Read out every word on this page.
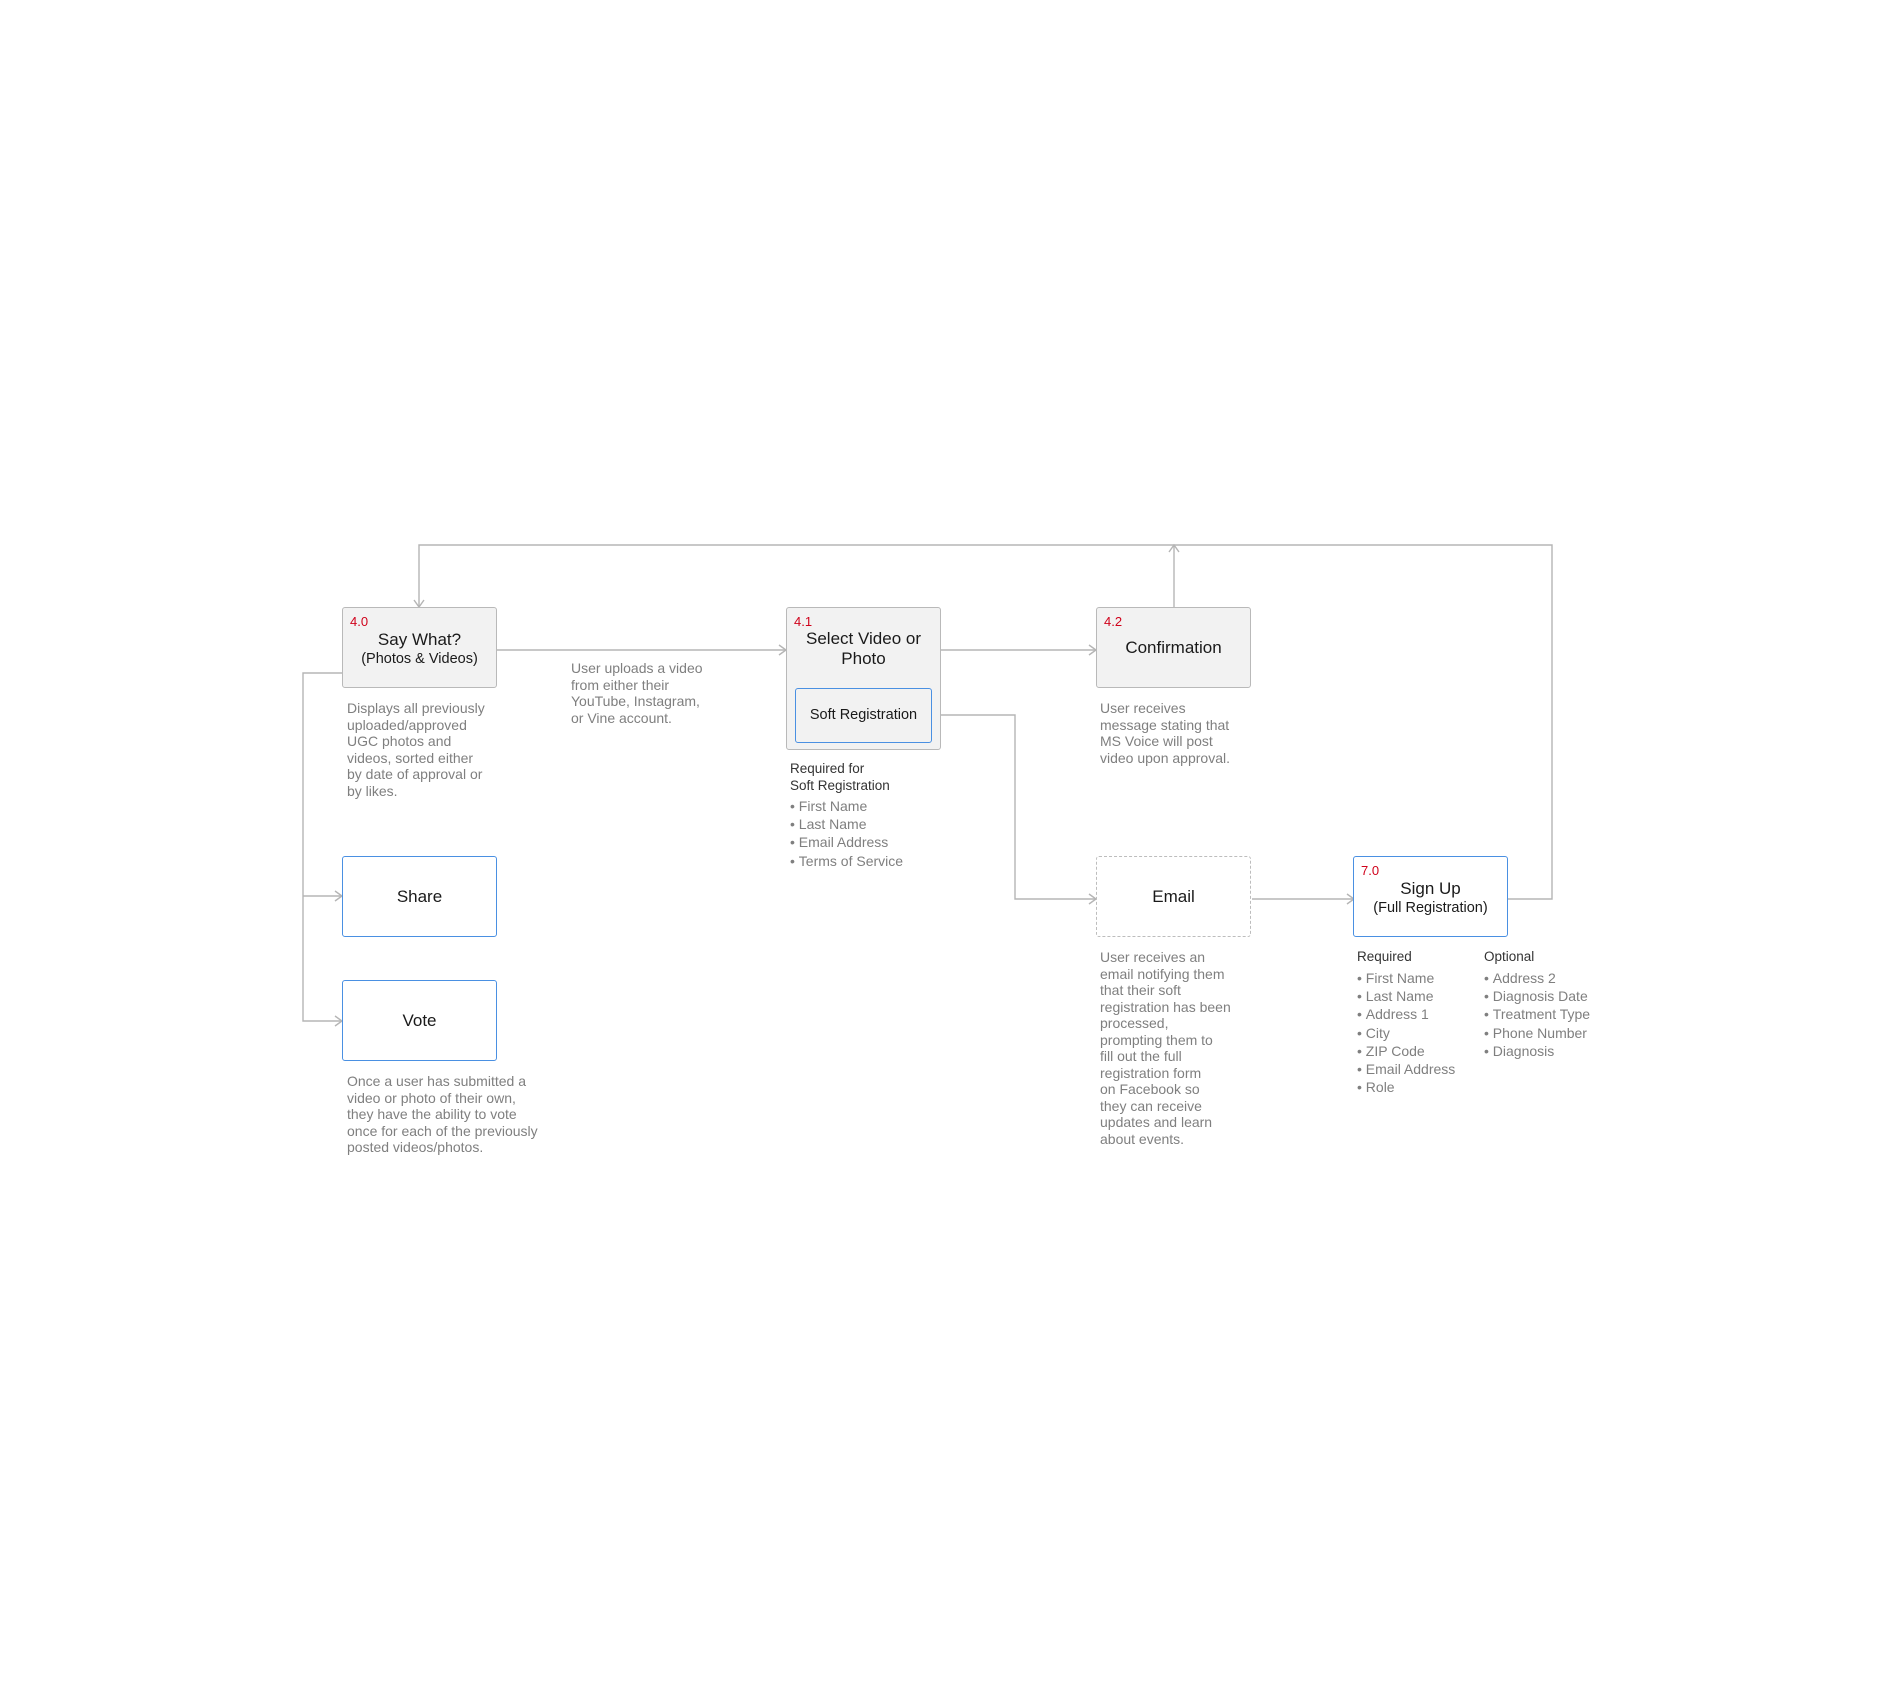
4.0
Say What?
(Photos & Videos)
4.1
Select Video or Photo
Soft Registration
4.2
Confirmation
Share
Vote
Email
7.0
Sign Up
(Full Registration)
Displays all previously
uploaded/approved
UGC photos and
videos, sorted either
by date of approval or
by likes.
User uploads a video
from either their
YouTube, Instagram,
or Vine account.
User receives
message stating that
MS Voice will post
video upon approval.
User receives an
email notifying them
that their soft
registration has been
processed,
prompting them to
fill out the full
registration form
on Facebook so
they can receive
updates and learn
about events.
Once a user has submitted a
video or photo of their own,
they have the ability to vote
once for each of the previously
posted videos/photos.
Required for
Soft Registration
• First Name
• Last Name
• Email Address
• Terms of Service
Required
• First Name
• Last Name
• Address 1
• City
• ZIP Code
• Email Address
• Role
Optional
• Address 2
• Diagnosis Date
• Treatment Type
• Phone Number
• Diagnosis
